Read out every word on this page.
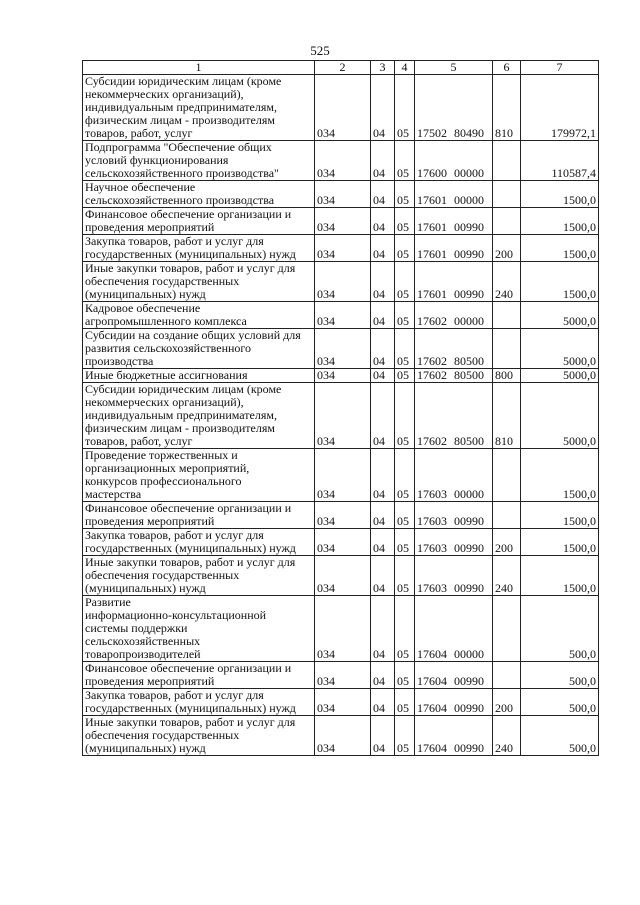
525
1	2	3	4	5	6	7

Субсидии юридическим лицам (кроме
некоммерческих организаций),
индивидуальным предпринимателям,
физическим лицам - производителям
товаров, работ, услуг	034	04	05	17502 80490	810	179972,1

Подпрограмма "Обеспечение общих
условий функционирования
сельскохозяйственного производства"	034	04	05	17600 00000		110587,4

Научное обеспечение
сельскохозяйственного производства	034	04	05	17601 00000		1500,0

Финансовое обеспечение организации и
проведения мероприятий	034	04	05	17601 00990		1500,0

Закупка товаров, работ и услуг для
государственных (муниципальных) нужд	034	04	05	17601 00990	200	1500,0

Иные закупки товаров, работ и услуг для
обеспечения государственных
(муниципальных) нужд	034	04	05	17601 00990	240	1500,0

Кадровое обеспечение
агропромышленного комплекса	034	04	05	17602 00000		5000,0

Субсидии на создание общих условий для
развития сельскохозяйственного
производства	034	04	05	17602 80500		5000,0

Иные бюджетные ассигнования	034	04	05	17602 80500	800	5000,0

Субсидии юридическим лицам (кроме
некоммерческих организаций),
индивидуальным предпринимателям,
физическим лицам - производителям
товаров, работ, услуг	034	04	05	17602 80500	810	5000,0

Проведение торжественных и
организационных мероприятий,
конкурсов профессионального
мастерства	034	04	05	17603 00000		1500,0

Финансовое обеспечение организации и
проведения мероприятий	034	04	05	17603 00990		1500,0

Закупка товаров, работ и услуг для
государственных (муниципальных) нужд	034	04	05	17603 00990	200	1500,0

Иные закупки товаров, работ и услуг для
обеспечения государственных
(муниципальных) нужд	034	04	05	17603 00990	240	1500,0

Развитие
информационно-консультационной
системы поддержки
сельскохозяйственных
товаропроизводителей	034	04	05	17604 00000		500,0

Финансовое обеспечение организации и
проведения мероприятий	034	04	05	17604 00990		500,0

Закупка товаров, работ и услуг для
государственных (муниципальных) нужд	034	04	05	17604 00990	200	500,0

Иные закупки товаров, работ и услуг для
обеспечения государственных
(муниципальных) нужд	034	04	05	17604 00990	240	500,0
